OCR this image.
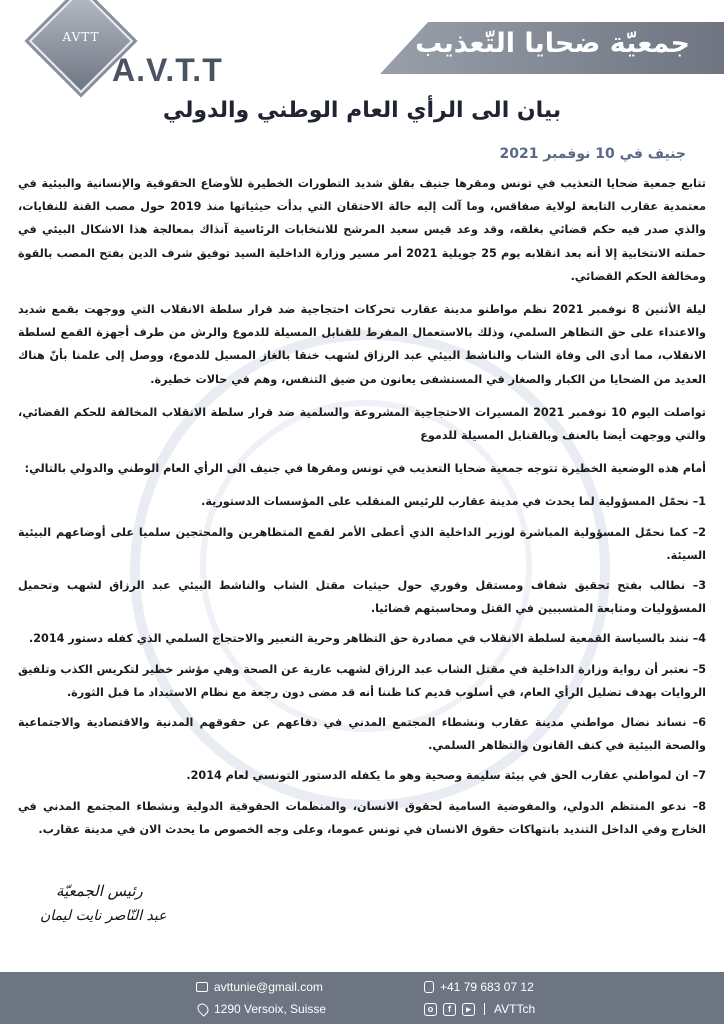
AVTT
A.V.T.T
جمعيّة ضحايا التّعذيب
بيان الى الرأي العام الوطني والدولي
جنيف في 10 نوفمبر 2021

تتابع جمعية ضحايا التعذيب في تونس ومقرها جنيف بقلق شديد التطورات الخطيرة للأوضاع الحقوقية والإنسانية والبيئية في معتمدية عقارب التابعة لولاية صفاقس، وما آلت إليه حالة الاحتقان التي بدأت حيثياتها منذ 2019 حول مصب القنة للنفايات، والذي صدر فيه حكم قضائي بغلقه، وقد وعد قيس سعيد المرشح للانتخابات الرئاسية آنذاك بمعالجة هذا الاشكال البيئي في حملته الانتخابية إلا أنه بعد انقلابه يوم 25 جويلية 2021 أمر مسير وزارة الداخلية السيد توفيق شرف الدين بفتح المصب بالقوة ومخالفة الحكم القضائي.

ليلة الأثنين 8 نوفمبر 2021 نظم مواطنو مدينة عقارب تحركات احتجاجية ضد قرار سلطة الانقلاب التي ووجهت بقمع شديد والاعتداء على حق التظاهر السلمي، وذلك بالاستعمال المفرط للقنابل المسيلة للدموع والرش من طرف أجهزة القمع لسلطة الانقلاب، مما أدى الى وفاة الشاب والناشط البيئي عبد الرزاق لشهب خنقا بالغاز المسيل للدموع، ووصل إلى علمنا بأنّ هناك العديد من الضحايا من الكبار والصغار في المستشفى يعانون من ضيق التنفس، وهم في حالات خطيرة.

تواصلت اليوم 10 نوفمبر 2021 المسيرات الاحتجاجية المشروعة والسلمية ضد قرار سلطة الانقلاب المخالفة للحكم القضائي، والتي ووجهت أيضا بالعنف وبالقنابل المسيلة للدموع

أمام هذه الوضعية الخطيرة تتوجه جمعية ضحايا التعذيب في تونس ومقرها في جنيف الى الرأي العام الوطني والدولي بالتالي:

1– نحمّل المسؤولية لما يحدث في مدينة عقارب للرئيس المنقلب على المؤسسات الدستورية.

2– كما نحمّل المسؤولية المباشرة لوزير الداخلية الذي أعطى الأمر لقمع المتظاهرين والمحتجين سلميا على أوضاعهم البيئية السيئة.

3– نطالب بفتح تحقيق شفاف ومستقل وفوري حول حيثيات مقتل الشاب والناشط البيئي عبد الرزاق لشهب وتحميل المسؤوليات ومتابعة المتسببين في القتل ومحاسبتهم قضائيا.

4– ننند بالسياسة القمعية لسلطة الانقلاب في مصادرة حق التظاهر وحرية التعبير والاحتجاج السلمي الذي كفله دستور 2014.

5– نعتبر أن رواية وزارة الداخلية في مقتل الشاب عبد الرزاق لشهب عارية عن الصحة وهي مؤشر خطير لتكريس الكذب وتلفيق الروايات بهدف تضليل الرأي العام، في أسلوب قديم كنا ظننا أنه قد مضى دون رجعة مع نظام الاستبداد ما قبل الثورة.

6– نساند نضال مواطني مدينة عقارب ونشطاء المجتمع المدني في دفاعهم عن حقوقهم المدنية والاقتصادية والاجتماعية والصحة البيئية في كنف القانون والتظاهر السلمي.

7– ان لمواطني عقارب الحق في بيئة سليمة وصحية وهو ما يكفله الدستور التونسي لعام 2014.

8– ندعو المنتظم الدولي، والمفوضية السامية لحقوق الانسان، والمنظمات الحقوقية الدولية ونشطاء المجتمع المدني في الخارج وفي الداخل التنديد بانتهاكات حقوق الانسان في تونس عموما، وعلى وجه الخصوص ما يحدث الان في مدينة عقارب.

رئيس الجمعيّة
عبد النّاصر نايت ليمان
avttunie@gmail.com
1290 Versoix, Suisse
+41 79 683 07 12
o	f	▸	AVTTch
